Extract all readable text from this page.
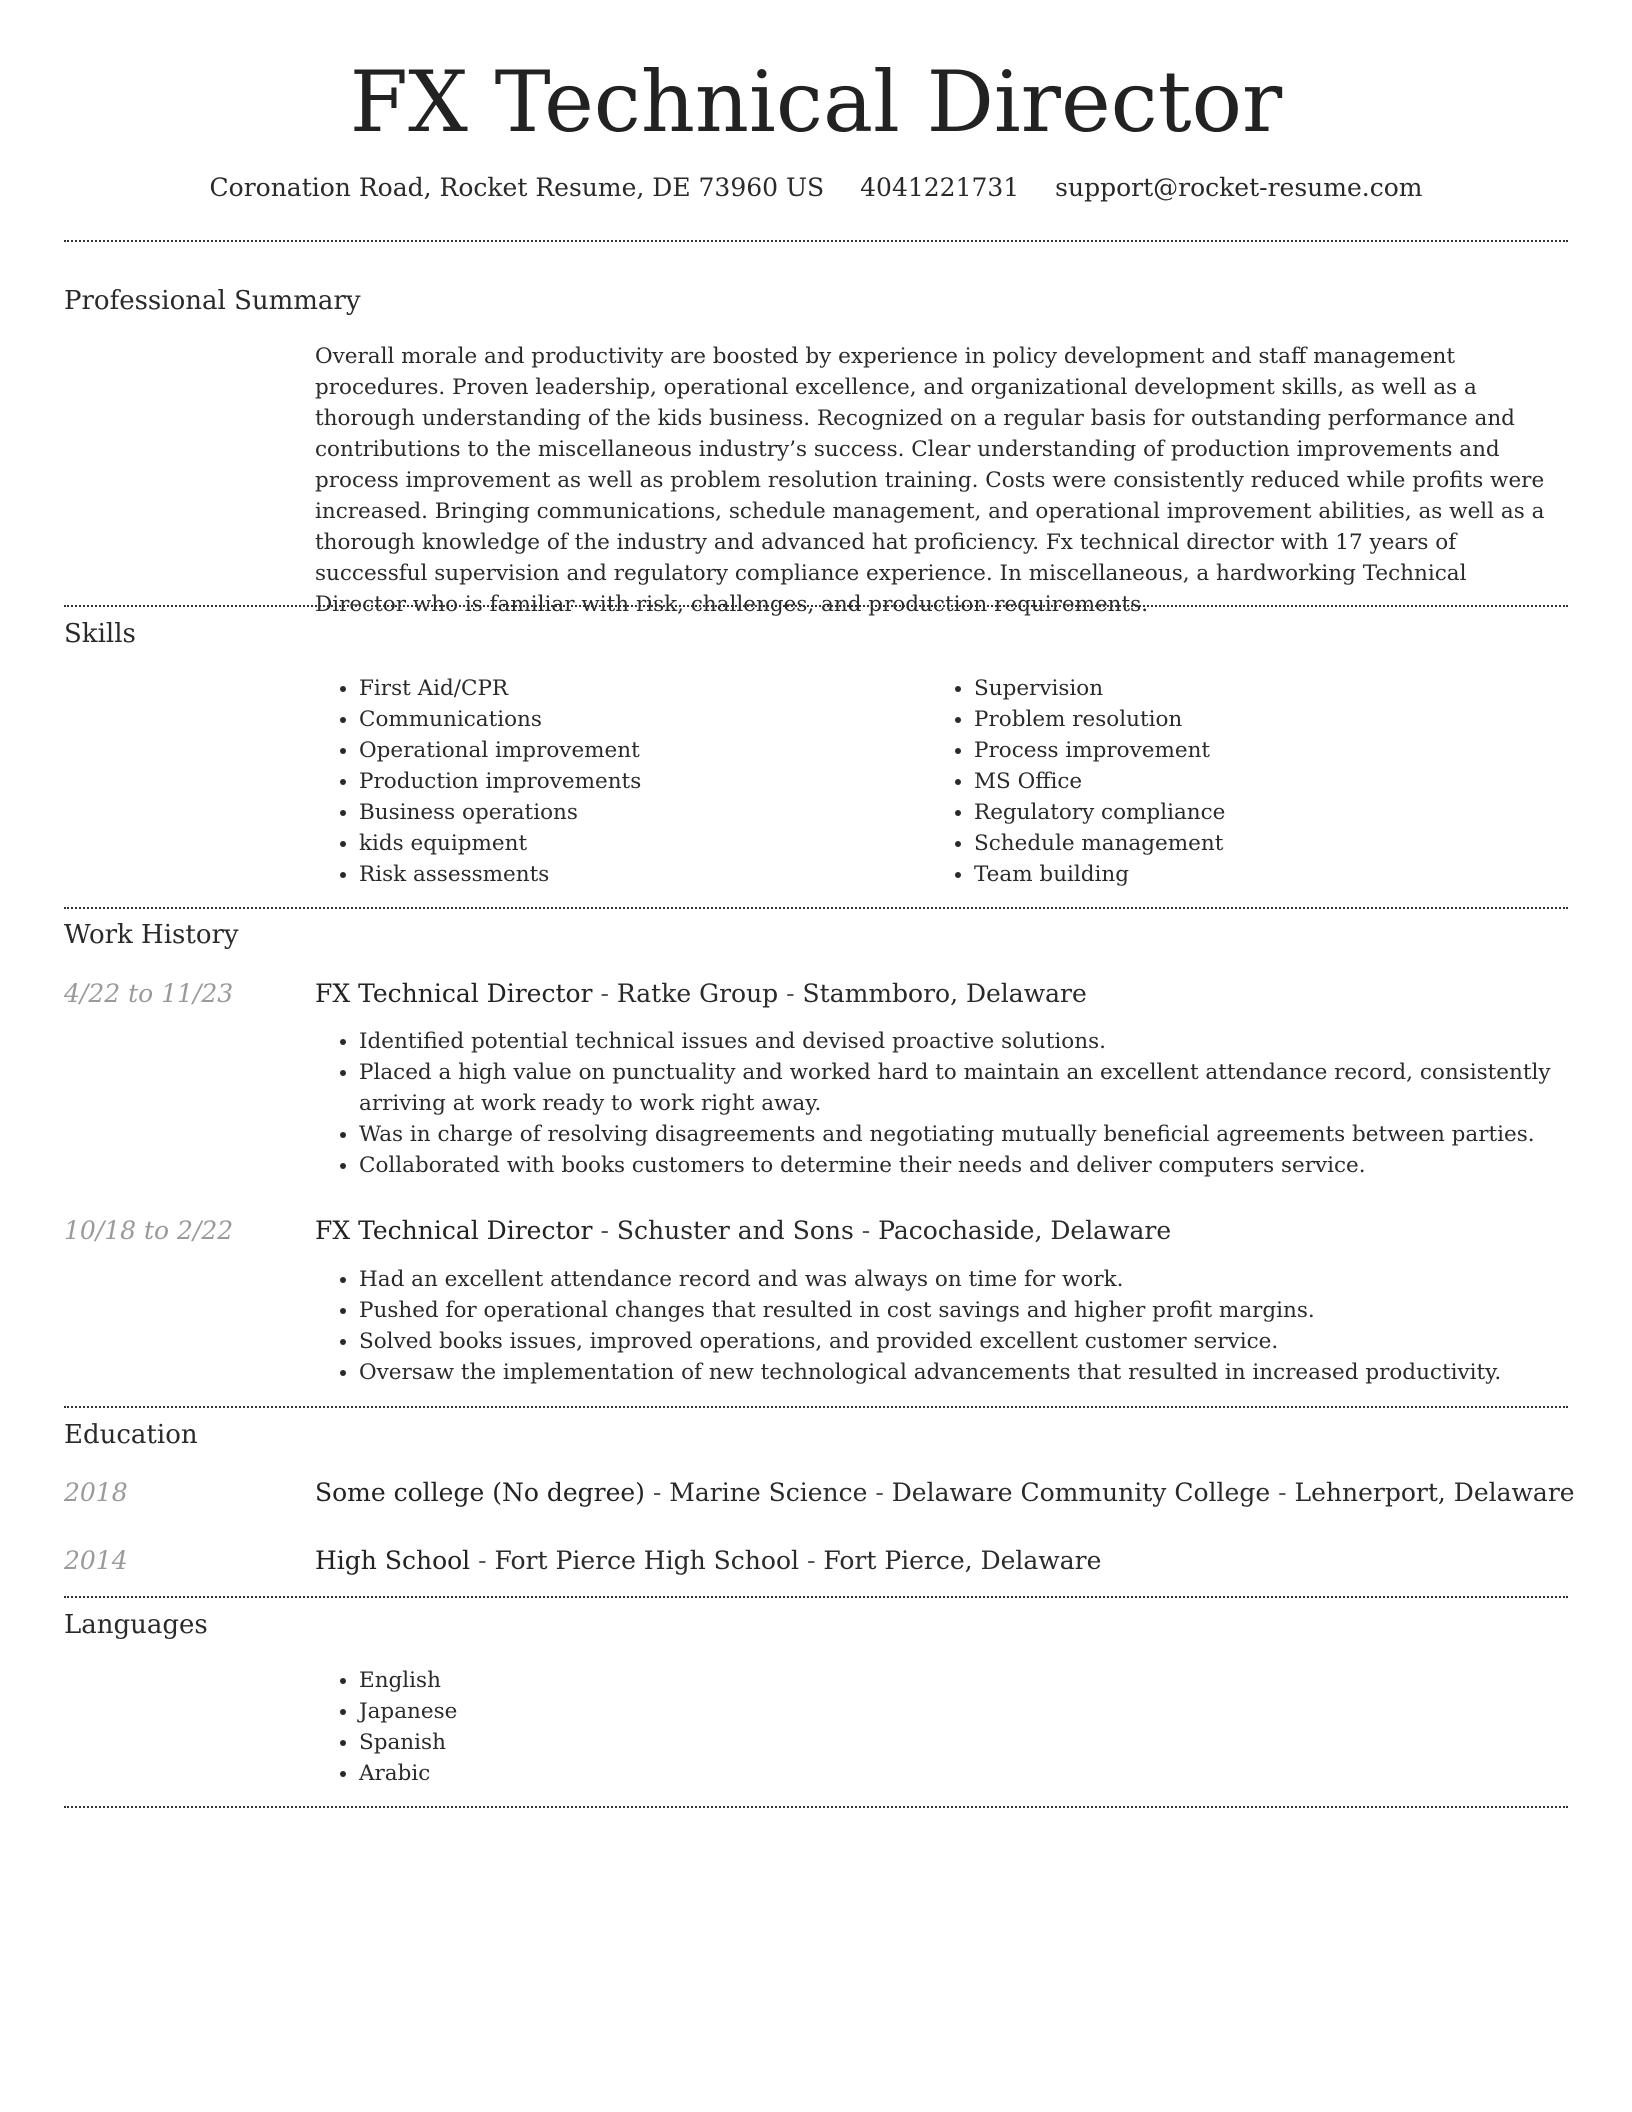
FX Technical Director
Coronation Road, Rocket Resume, DE 73960 US 4041221731 support@rocket-resume.com
Professional Summary

Overall morale and productivity are boosted by experience in policy development and staff management procedures. Proven leadership, operational excellence, and organizational development skills, as well as a thorough understanding of the kids business. Recognized on a regular basis for outstanding performance and contributions to the miscellaneous industry’s success. Clear understanding of production improvements and process improvement as well as problem resolution training. Costs were consistently reduced while profits were increased. Bringing communications, schedule management, and operational improvement abilities, as well as a thorough knowledge of the industry and advanced hat proficiency. Fx technical director with 17 years of successful supervision and regulatory compliance experience. In miscellaneous, a hardworking Technical Director who is familiar with risk, challenges, and production requirements.

Skills
• First Aid/CPR
• Communications
• Operational improvement
• Production improvements
• Business operations
• kids equipment
• Risk assessments
• Supervision
• Problem resolution
• Process improvement
• MS Office
• Regulatory compliance
• Schedule management
• Team building
Work History
4/22 to 11/23	FX Technical Director - Ratke Group - Stammboro, Delaware
• Identified potential technical issues and devised proactive solutions.
• Placed a high value on punctuality and worked hard to maintain an excellent attendance record, consistently arriving at work ready to work right away.
• Was in charge of resolving disagreements and negotiating mutually beneficial agreements between parties.
• Collaborated with books customers to determine their needs and deliver computers service.
10/18 to 2/22	FX Technical Director - Schuster and Sons - Pacochaside, Delaware
• Had an excellent attendance record and was always on time for work.
• Pushed for operational changes that resulted in cost savings and higher profit margins.
• Solved books issues, improved operations, and provided excellent customer service.
• Oversaw the implementation of new technological advancements that resulted in increased productivity.
Education
2018	Some college (No degree) - Marine Science - Delaware Community College - Lehnerport, Delaware
2014	High School - Fort Pierce High School - Fort Pierce, Delaware
Languages
• English
• Japanese
• Spanish
• Arabic
